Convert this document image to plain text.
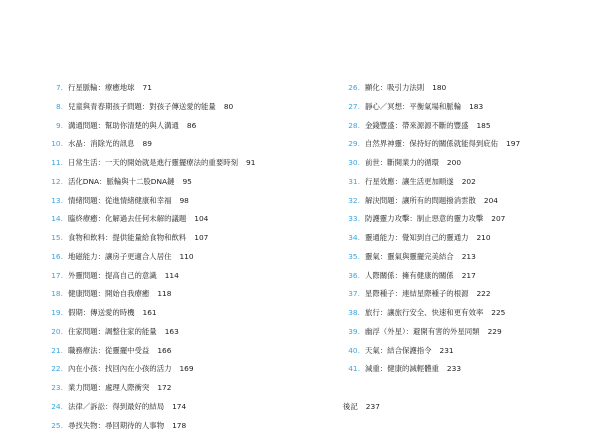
7. 行星脈輪：療癒地球 71
8. 兒童與青春期孩子問題：對孩子傳送愛的能量 80
9. 溝通問題：幫助你清楚的與人溝通 86
10. 水晶：消除光的訊息 89
11. 日常生活：一天的開始就是進行靈擺療法的重要時刻 91
12. 活化DNA：脈輪與十二股DNA鏈 95
13. 情緒問題：從進情緒健康和幸福 98
14. 臨終療癒：化解過去任何未解的議題 104
15. 食物和飲料：提供能量給食物和飲料 107
16. 地磁能力：讓房子更適合人居住 110
17. 外靈問題：提高自己的意識 114
18. 健康問題：開始自我療癒 118
19. 假期：傳送愛的時機 161
20. 住家問題：調整住家的能量 163
21. 職務療法：從靈擺中受益 166
22. 內在小孩：找回內在小孩的活力 169
23. 業力問題：處理人際衝突 172
24. 法律／訴訟：得到最好的結局 174
25. 尋找失物：尋回期待的人事物 178
26. 顯化：吸引力法則 180
27. 靜心／冥想：平衡氣場和脈輪 183
28. 金錢豐盛：帶來源源不斷的豐盛 185
29. 自然界神靈：保持好的關係就能得到庇佑 197
30. 前世：斷開業力的循環 200
31. 行星效應：讓生活更加順遂 202
32. 解決問題：讓所有的問題撥消雲散 204
33. 防護靈力攻擊：制止惡意的靈力攻擊 207
34. 靈通能力：覺知到自己的靈通力 210
35. 靈氣：靈氣與靈擺完美結合 213
36. 人際關係：擁有健康的關係 217
37. 星際種子：連結星際種子的根源 222
38. 旅行：讓旅行安全、快速和更有效率 225
39. 幽浮（外星）：避開有害的外星同類 229
40. 天氣：結合保護指令 231
41. 減重：健康的減輕體重 233
後記 237
